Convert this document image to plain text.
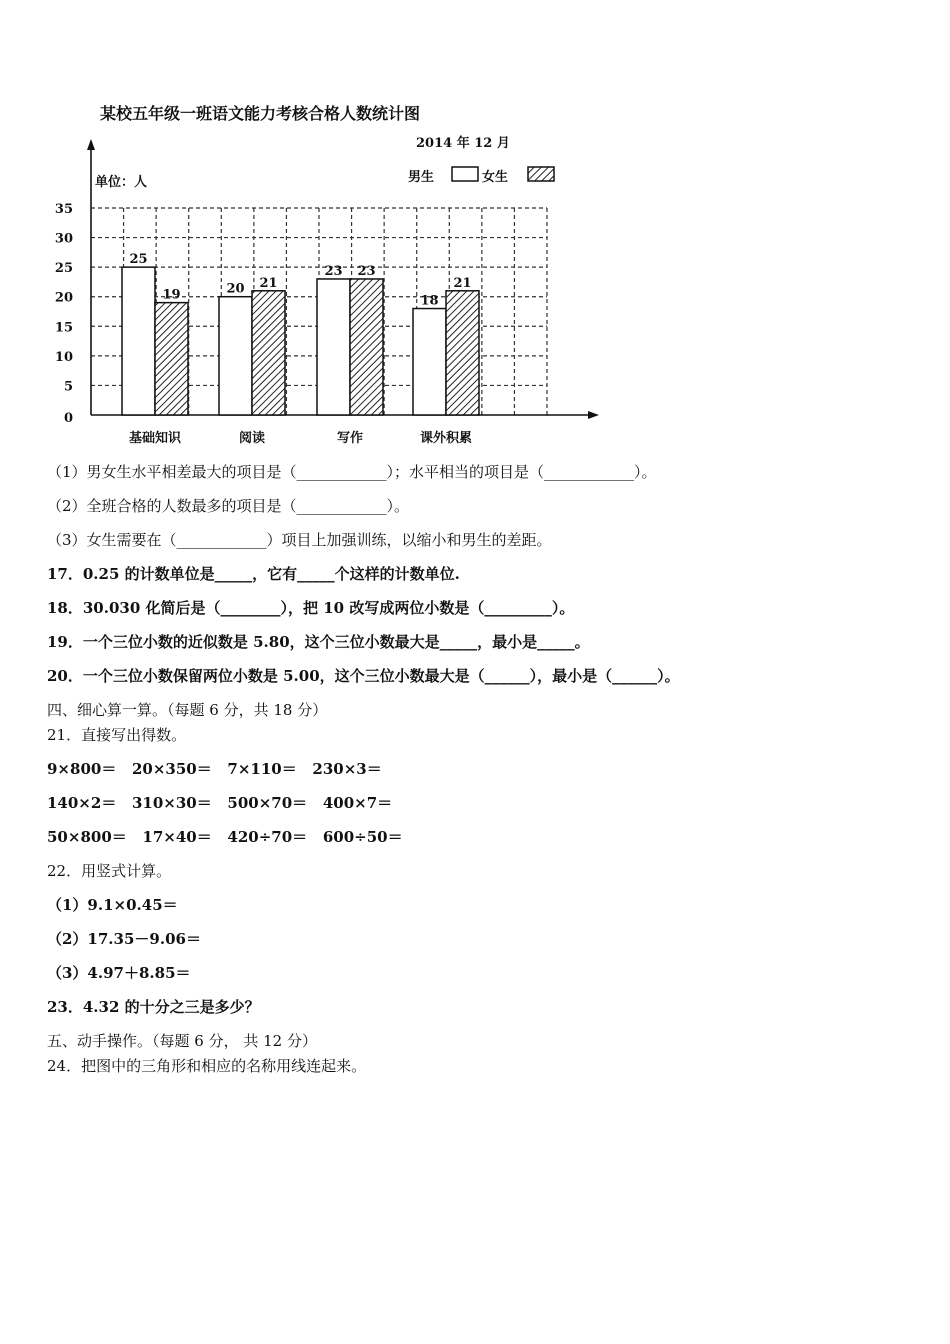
某校五年级一班语文能力考核合格人数统计图
2014 年 12 月
单位：人	男生	女生
0
5
10
15
20
25
30
35
25
19	20 21
23 23
18
21
基础知识	阅读	写作	课外积累
（1）男女生水平相差最大的项目是（____________）；水平相当的项目是（____________）。
（2）全班合格的人数最多的项目是（____________）。
（3）女生需要在（____________）项目上加强训练，以缩小和男生的差距。
17．0.25 的计数单位是_____，它有_____个这样的计数单位.
18．30.030 化简后是（________），把 10 改写成两位小数是（_________）。
19．一个三位小数的近似数是 5.80，这个三位小数最大是_____，最小是_____。
20．一个三位小数保留两位小数是 5.00，这个三位小数最大是（______），最小是（______）。
四、细心算一算。（每题 6 分，共 18 分）
21．直接写出得数。
9×800＝   20×350＝   7×110＝   230×3＝
140×2＝   310×30＝   500×70＝   400×7＝
50×800＝   17×40＝   420÷70＝   600÷50＝
22．用竖式计算。
（1）9.1×0.45＝
（2）17.35－9.06＝
（3）4.97＋8.85＝
23．4.32 的十分之三是多少？
五、动手操作。（每题 6 分， 共 12 分）
24．把图中的三角形和相应的名称用线连起来。
